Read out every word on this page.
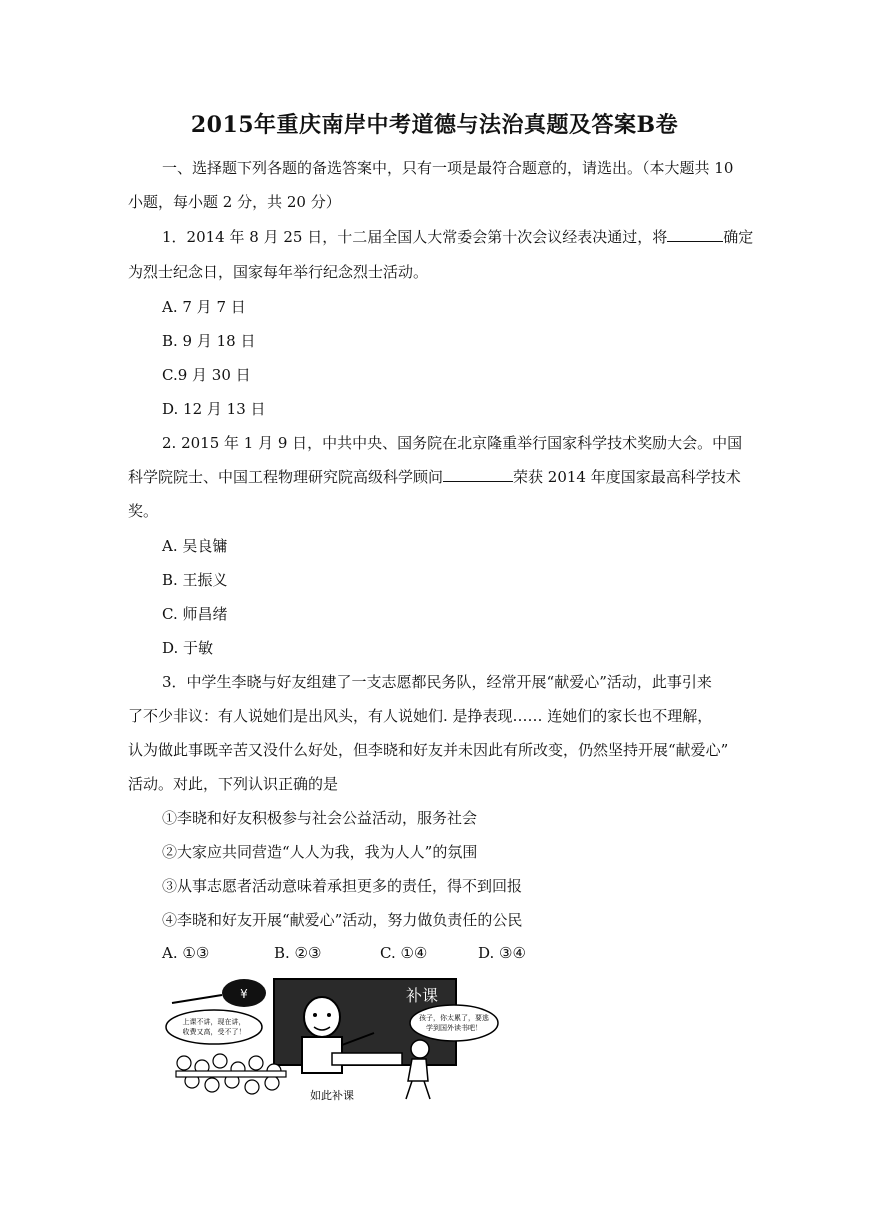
2015年重庆南岸中考道德与法治真题及答案B卷
一、选择题下列各题的备选答案中，只有一项是最符合题意的，请选出。（本大题共 10
小题，每小题 2 分，共 20 分）
1．2014 年 8 月 25 日，十二届全国人大常委会第十次会议经表决通过，将	确定
为烈士纪念日，国家每年举行纪念烈士活动。
A. 7 月 7 日
B. 9 月 18 日
C.9 月 30 日
D. 12 月 13 日
2. 2015 年 1 月 9 日，中共中央、国务院在北京隆重举行国家科学技术奖励大会。中国
科学院院士、中国工程物理研究院高级科学顾问	荣获 2014 年度国家最高科学技术
奖。
A. 吴良镛
B. 王振义
C. 师昌绪
D. 于敏
3．中学生李晓与好友组建了一支志愿都民务队，经常开展“献爱心”活动，此事引来
了不少非议：有人说她们是出风头，有人说她们. 是挣表现…… 连她们的家长也不理解，
认为做此事既辛苦又没什么好处，但李晓和好友并未因此有所改变，仍然坚持开展“献爱心”
活动。对此，下列认识正确的是
①李晓和好友积极参与社会公益活动，服务社会
②大家应共同营造“人人为我，我为人人”的氛围
③从事志愿者活动意味着承担更多的责任，得不到回报
④李晓和好友开展“献爱心”活动，努力做负责任的公民
A. ①③	B. ②③	C. ①④	D. ③④
补课
¥
上课不讲，现在讲，
收费又高，受不了！
孩子，你太累了，要逃
学到国外读书吧！
如此补课
